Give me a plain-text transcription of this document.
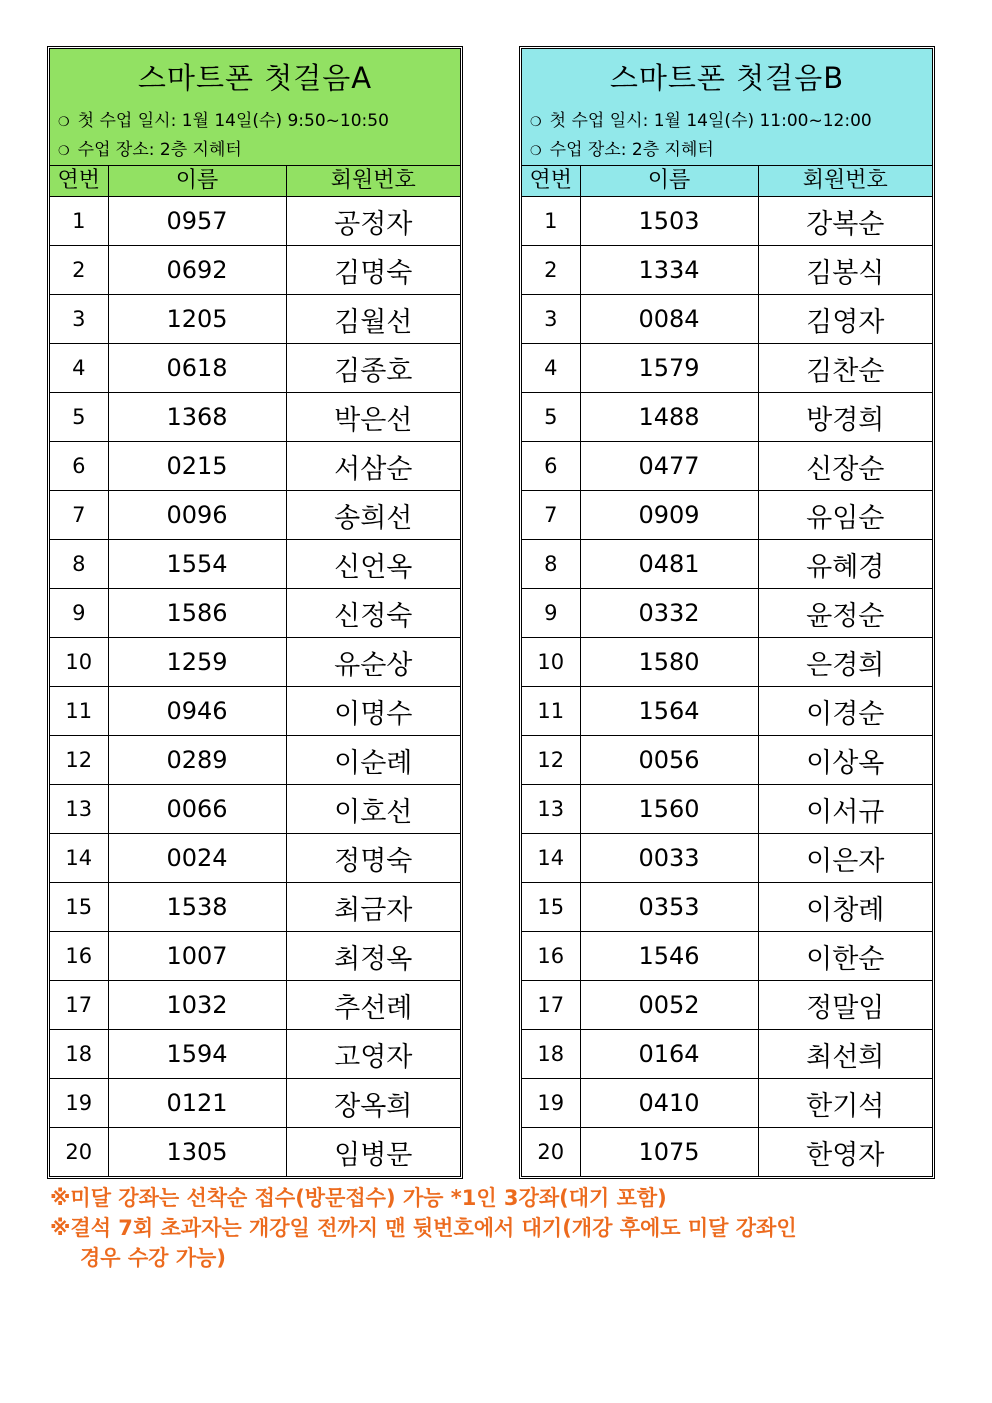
스마트폰 첫걸음A
❍ 첫 수업 일시: 1월 14일(수) 9:50~10:50
❍ 수업 장소: 2층 지혜터
연번	이름	회원번호
1	0957	공정자
2	0692	김명숙
3	1205	김월선
4	0618	김종호
5	1368	박은선
6	0215	서삼순
7	0096	송희선
8	1554	신언옥
9	1586	신정숙
10	1259	유순상
11	0946	이명수
12	0289	이순례
13	0066	이호선
14	0024	정명숙
15	1538	최금자
16	1007	최정옥
17	1032	추선례
18	1594	고영자
19	0121	장옥희
20	1305	임병문
스마트폰 첫걸음B
❍ 첫 수업 일시: 1월 14일(수) 11:00~12:00
❍ 수업 장소: 2층 지혜터
연번	이름	회원번호
1	1503	강복순
2	1334	김봉식
3	0084	김영자
4	1579	김찬순
5	1488	방경희
6	0477	신장순
7	0909	유임순
8	0481	유혜경
9	0332	윤정순
10	1580	은경희
11	1564	이경순
12	0056	이상옥
13	1560	이서규
14	0033	이은자
15	0353	이창례
16	1546	이한순
17	0052	정말임
18	0164	최선희
19	0410	한기석
20	1075	한영자
※미달 강좌는 선착순 접수(방문접수) 가능 *1인 3강좌(대기 포함)
※결석 7회 초과자는 개강일 전까지 맨 뒷번호에서 대기(개강 후에도 미달 강좌인
경우 수강 가능)
